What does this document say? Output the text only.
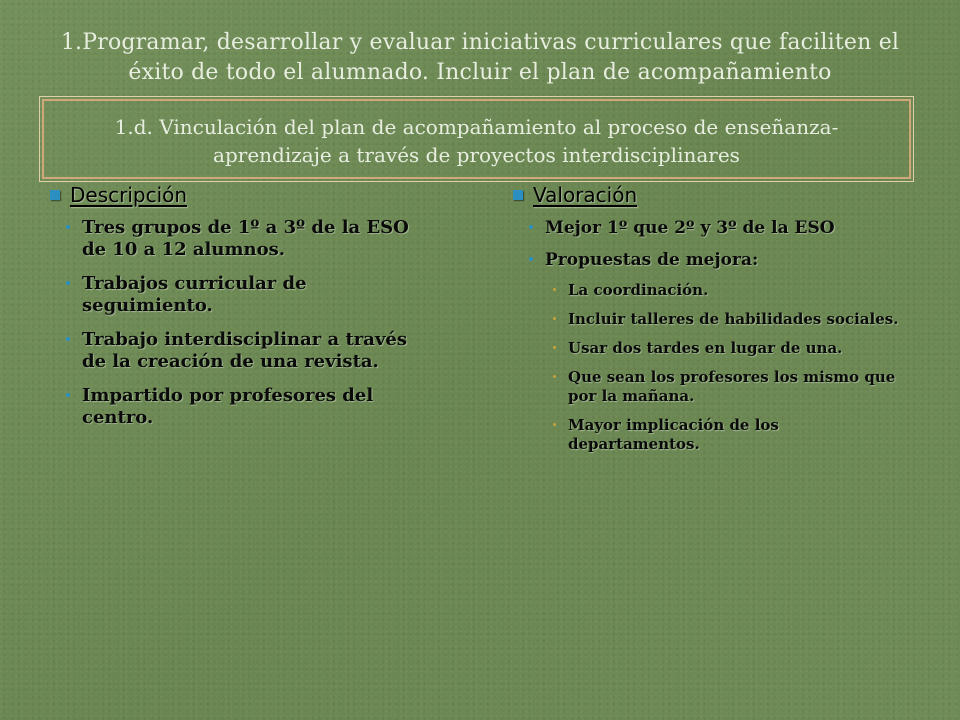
1.Programar, desarrollar y evaluar iniciativas curriculares que faciliten el
éxito de todo el alumnado. Incluir el plan de acompañamiento
1.d. Vinculación del plan de acompañamiento al proceso de enseñanza-
aprendizaje a través de proyectos interdisciplinares
Descripción
Tres grupos de 1º a 3º de la ESO de 10 a 12 alumnos.
Trabajos curricular de seguimiento.
Trabajo interdisciplinar a través de la creación de una revista.
Impartido por profesores del centro.
Valoración
Mejor 1º que 2º y 3º de la ESO
Propuestas de mejora:
La coordinación.
Incluir talleres de habilidades sociales.
Usar dos tardes en lugar de una.
Que sean los profesores los mismo que por la mañana.
Mayor implicación de los departamentos.
